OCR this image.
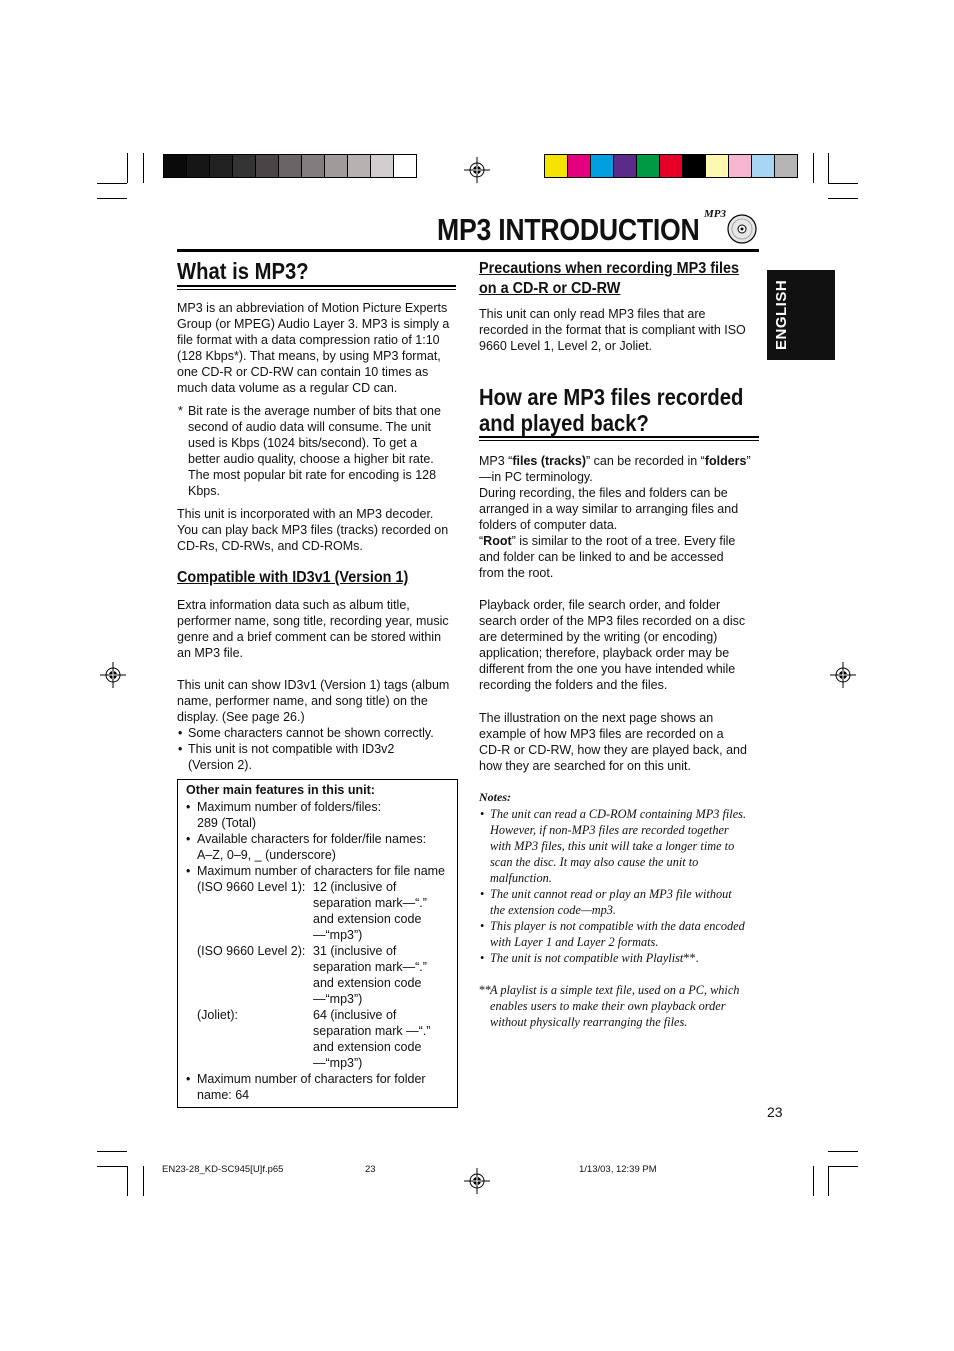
MP3 INTRODUCTION MP3
ENGLISH
What is MP3?
MP3 is an abbreviation of Motion Picture Experts
Group (or MPEG) Audio Layer 3. MP3 is simply a
file format with a data compression ratio of 1:10
(128 Kbps*). That means, by using MP3 format,
one CD-R or CD-RW can contain 10 times as
much data volume as a regular CD can.
* Bit rate is the average number of bits that one
second of audio data will consume. The unit
used is Kbps (1024 bits/second). To get a
better audio quality, choose a higher bit rate.
The most popular bit rate for encoding is 128
Kbps.
This unit is incorporated with an MP3 decoder.
You can play back MP3 files (tracks) recorded on
CD-Rs, CD-RWs, and CD-ROMs.
Compatible with ID3v1 (Version 1)
Extra information data such as album title,
performer name, song title, recording year, music
genre and a brief comment can be stored within
an MP3 file.
This unit can show ID3v1 (Version 1) tags (album
name, performer name, and song title) on the
display. (See page 26.)
• Some characters cannot be shown correctly.
• This unit is not compatible with ID3v2
(Version 2).
Other main features in this unit:
• Maximum number of folders/files:
289 (Total)
• Available characters for folder/file names:
A–Z, 0–9, _ (underscore)
• Maximum number of characters for file name
(ISO 9660 Level 1): 12 (inclusive of
separation mark—“.”
and extension code
—“mp3”)
(ISO 9660 Level 2): 31 (inclusive of
separation mark—“.”
and extension code
—“mp3”)
(Joliet):	64 (inclusive of
separation mark —“.”
and extension code
—“mp3”)
• Maximum number of characters for folder
name: 64
Precautions when recording MP3 files
on a CD-R or CD-RW
This unit can only read MP3 files that are
recorded in the format that is compliant with ISO
9660 Level 1, Level 2, or Joliet.
How are MP3 files recorded
and played back?
MP3 “files (tracks)” can be recorded in “folders”
—in PC terminology.
During recording, the files and folders can be
arranged in a way similar to arranging files and
folders of computer data.
“Root” is similar to the root of a tree. Every file
and folder can be linked to and be accessed
from the root.
Playback order, file search order, and folder
search order of the MP3 files recorded on a disc
are determined by the writing (or encoding)
application; therefore, playback order may be
different from the one you have intended while
recording the folders and the files.
The illustration on the next page shows an
example of how MP3 files are recorded on a
CD-R or CD-RW, how they are played back, and
how they are searched for on this unit.
Notes:
• The unit can read a CD-ROM containing MP3 files.
However, if non-MP3 files are recorded together
with MP3 files, this unit will take a longer time to
scan the disc. It may also cause the unit to
malfunction.
• The unit cannot read or play an MP3 file without
the extension code—mp3.
• This player is not compatible with the data encoded
with Layer 1 and Layer 2 formats.
• The unit is not compatible with Playlist**.
**
A playlist is a simple text file, used on a PC, which
enables users to make their own playback order
without physically rearranging the files.
23
EN23-28_KD-SC945[U]f.p65	23	1/13/03, 12:39 PM
